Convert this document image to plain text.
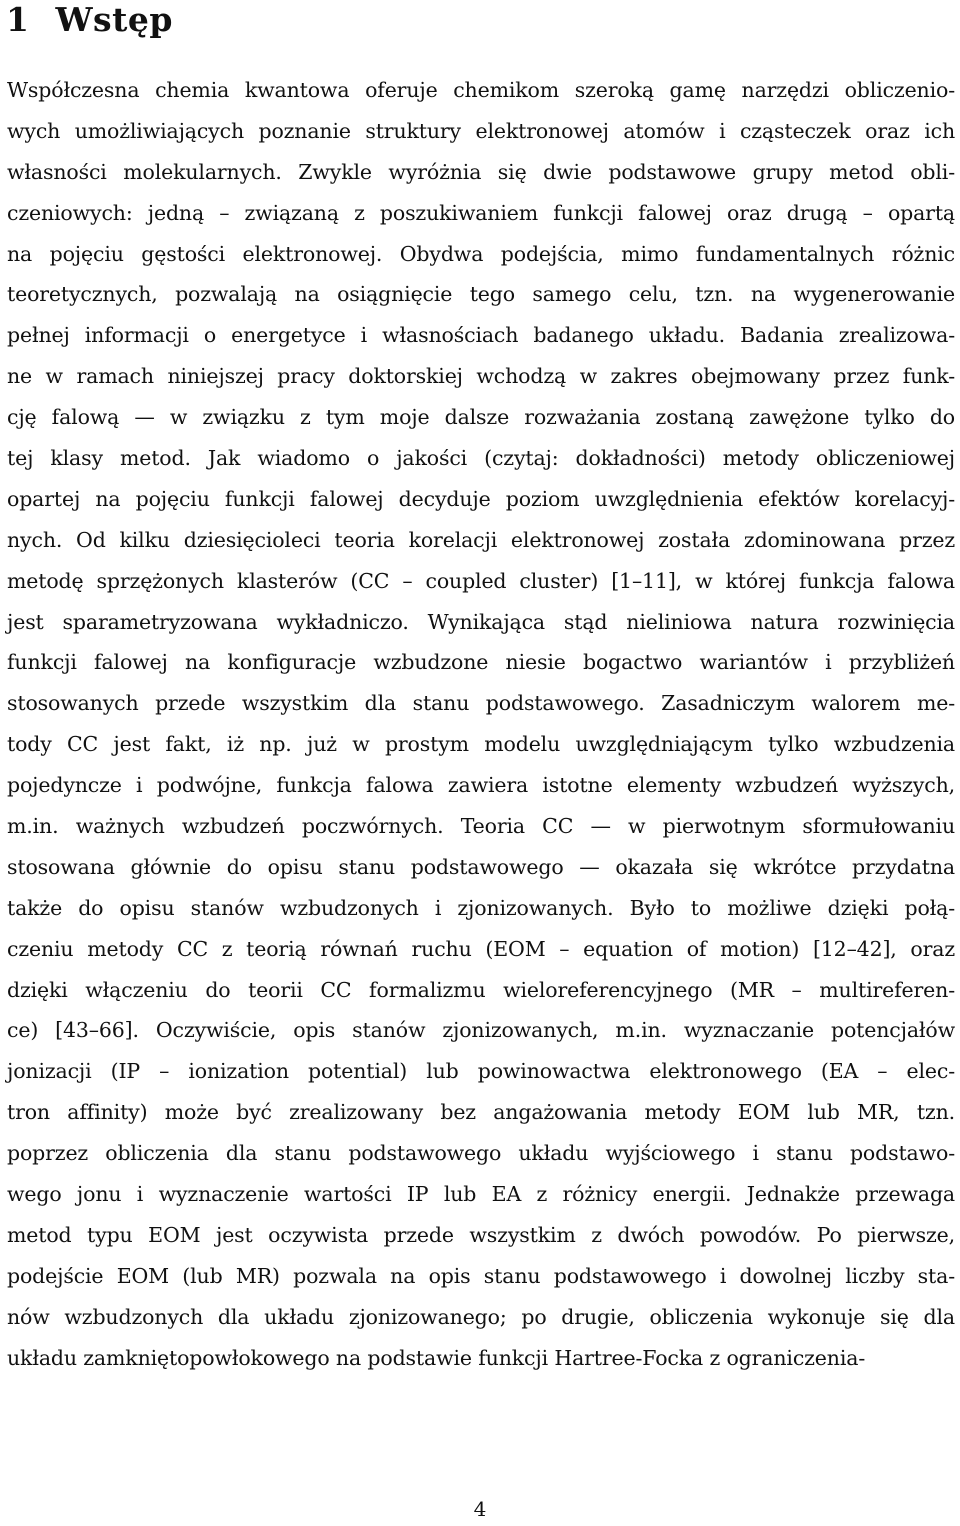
1 Wstęp
Współczesna chemia kwantowa oferuje chemikom szeroką gamę narzędzi obliczenio-
wych umożliwiających poznanie struktury elektronowej atomów i cząsteczek oraz ich
własności molekularnych. Zwykle wyróżnia się dwie podstawowe grupy metod obli-
czeniowych: jedną – związaną z poszukiwaniem funkcji falowej oraz drugą – opartą
na pojęciu gęstości elektronowej. Obydwa podejścia, mimo fundamentalnych różnic
teoretycznych, pozwalają na osiągnięcie tego samego celu, tzn. na wygenerowanie
pełnej informacji o energetyce i własnościach badanego układu. Badania zrealizowa-
ne w ramach niniejszej pracy doktorskiej wchodzą w zakres obejmowany przez funk-
cję falową — w związku z tym moje dalsze rozważania zostaną zawężone tylko do
tej klasy metod. Jak wiadomo o jakości (czytaj: dokładności) metody obliczeniowej
opartej na pojęciu funkcji falowej decyduje poziom uwzględnienia efektów korelacyj-
nych. Od kilku dziesięcioleci teoria korelacji elektronowej została zdominowana przez
metodę sprzężonych klasterów (CC – coupled cluster) [1–11], w której funkcja falowa
jest sparametryzowana wykładniczo. Wynikająca stąd nieliniowa natura rozwinięcia
funkcji falowej na konfiguracje wzbudzone niesie bogactwo wariantów i przybliżeń
stosowanych przede wszystkim dla stanu podstawowego. Zasadniczym walorem me-
tody CC jest fakt, iż np. już w prostym modelu uwzględniającym tylko wzbudzenia
pojedyncze i podwójne, funkcja falowa zawiera istotne elementy wzbudzeń wyższych,
m.in. ważnych wzbudzeń poczwórnych. Teoria CC — w pierwotnym sformułowaniu
stosowana głównie do opisu stanu podstawowego — okazała się wkrótce przydatna
także do opisu stanów wzbudzonych i zjonizowanych. Było to możliwe dzięki połą-
czeniu metody CC z teorią równań ruchu (EOM – equation of motion) [12–42], oraz
dzięki włączeniu do teorii CC formalizmu wieloreferencyjnego (MR – multireferen-
ce) [43–66]. Oczywiście, opis stanów zjonizowanych, m.in. wyznaczanie potencjałów
jonizacji (IP – ionization potential) lub powinowactwa elektronowego (EA – elec-
tron affinity) może być zrealizowany bez angażowania metody EOM lub MR, tzn.
poprzez obliczenia dla stanu podstawowego układu wyjściowego i stanu podstawo-
wego jonu i wyznaczenie wartości IP lub EA z różnicy energii. Jednakże przewaga
metod typu EOM jest oczywista przede wszystkim z dwóch powodów. Po pierwsze,
podejście EOM (lub MR) pozwala na opis stanu podstawowego i dowolnej liczby sta-
nów wzbudzonych dla układu zjonizowanego; po drugie, obliczenia wykonuje się dla
układu zamkniętopowłokowego na podstawie funkcji Hartree-Focka z ograniczenia-
4
